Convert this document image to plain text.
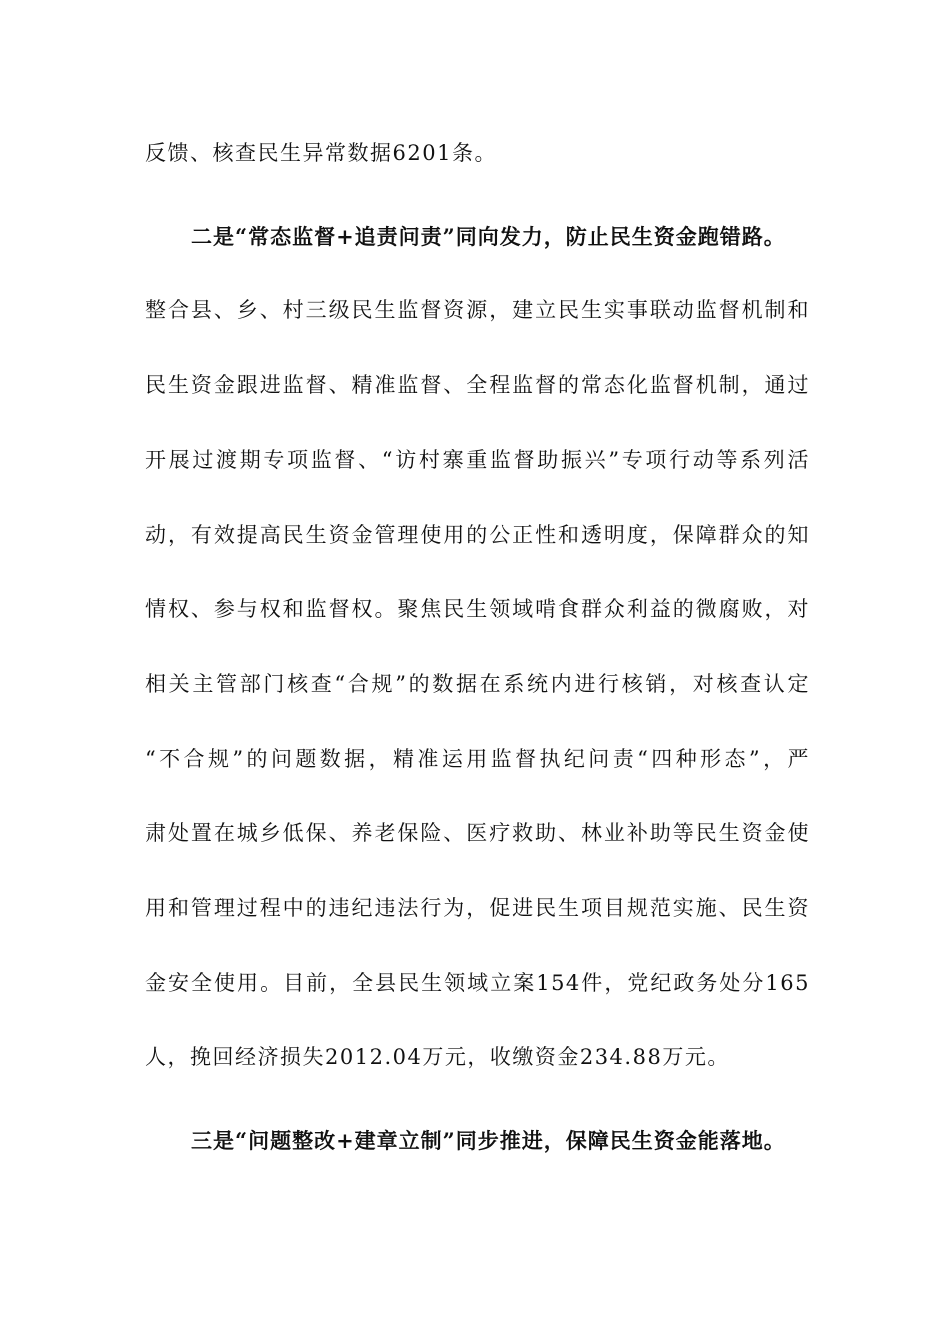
反馈、核查民生异常数据6201条。
二是“常态监督+追责问责”同向发力，防止民生资金跑错路。
整合县、乡、村三级民生监督资源，建立民生实事联动监督机制和
民生资金跟进监督、精准监督、全程监督的常态化监督机制，通过
开展过渡期专项监督、“访村寨重监督助振兴”专项行动等系列活
动，有效提高民生资金管理使用的公正性和透明度，保障群众的知
情权、参与权和监督权。聚焦民生领域啃食群众利益的微腐败，对
相关主管部门核查“合规”的数据在系统内进行核销，对核查认定
“不合规”的问题数据，精准运用监督执纪问责“四种形态”，严
肃处置在城乡低保、养老保险、医疗救助、林业补助等民生资金使
用和管理过程中的违纪违法行为，促进民生项目规范实施、民生资
金安全使用。目前，全县民生领域立案154件，党纪政务处分165
人，挽回经济损失2012.04万元，收缴资金234.88万元。
三是“问题整改+建章立制”同步推进，保障民生资金能落地。
